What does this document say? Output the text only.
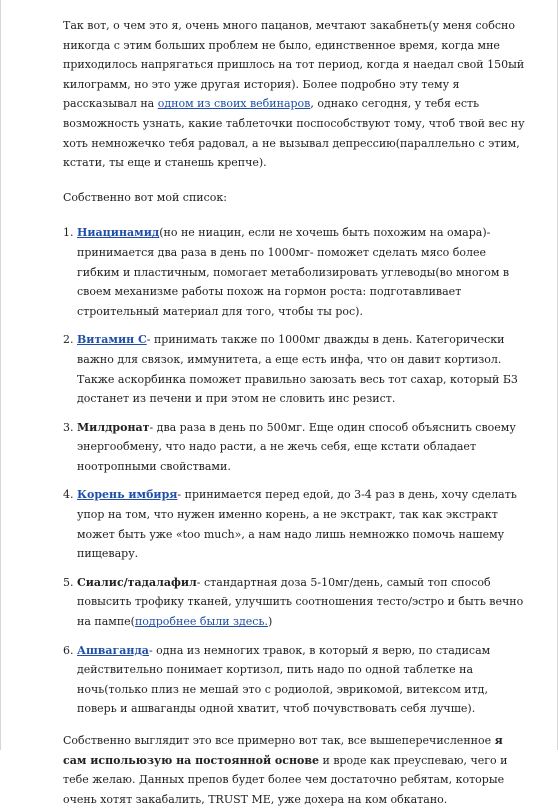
Так вот, о чем это я, очень много пацанов, мечтают закабнеть(у меня собсно никогда с этим больших проблем не было, единственное время, когда мне приходилось напрягаться пришлось на тот период, когда я наедал свой 150ый килограмм, но это уже другая история). Более подробно эту тему я рассказывал на одном из своих вебинаров, однако сегодня, у тебя есть возможность узнать, какие таблеточки поспособствуют тому, чтоб твой вес ну хоть немножечко тебя радовал, а не вызывал депрессию(параллельно с этим, кстати, ты еще и станешь крепче).

Собственно вот мой список:

1. Ниацинамид(но не ниацин, если не хочешь быть похожим на омара)- принимается два раза в день по 1000мг- поможет сделать мясо более гибким и пластичным, помогает метаболизировать углеводы(во многом в своем механизме работы похож на гормон роста: подготавливает строительный материал для того, чтобы ты рос).
2. Витамин С- принимать также по 1000мг дважды в день. Категорически важно для связок, иммунитета, а еще есть инфа, что он давит кортизол. Также аскорбинка поможет правильно заюзать весь тот сахар, который Б3 достанет из печени и при этом не словить инс резист.
3. Милдронат- два раза в день по 500мг. Еще один способ объяснить своему энергообмену, что надо расти, а не жечь себя, еще кстати обладает ноотропными свойствами.
4. Корень имбиря- принимается перед едой, до 3-4 раз в день, хочу сделать упор на том, что нужен именно корень, а не экстракт, так как экстракт может быть уже «too much», а нам надо лишь немножко помочь нашему пищевару.
5. Сиалис/тадалафил- стандартная доза 5-10мг/день, самый топ способ повысить трофику тканей, улучшить соотношения тесто/эстро и быть вечно на пампе(подробнее были здесь.)
6. Ашваганда- одна из немногих травок, в который я верю, по стадисам действительно понимает кортизол, пить надо по одной таблетке на ночь(только плиз не мешай это с родиолой, эврикомой, витексом итд, поверь и ашваганды одной хватит, чтоб почувствовать себя лучше).

Собственно выглядит это все примерно вот так, все вышеперечисленное я сам испольюзую на постоянной основе и вроде как преуспеваю, чего и тебе желаю. Данных препов будет более чем достаточно ребятам, которые очень хотят закабалить, TRUST ME, уже дохера на ком обкатано.
